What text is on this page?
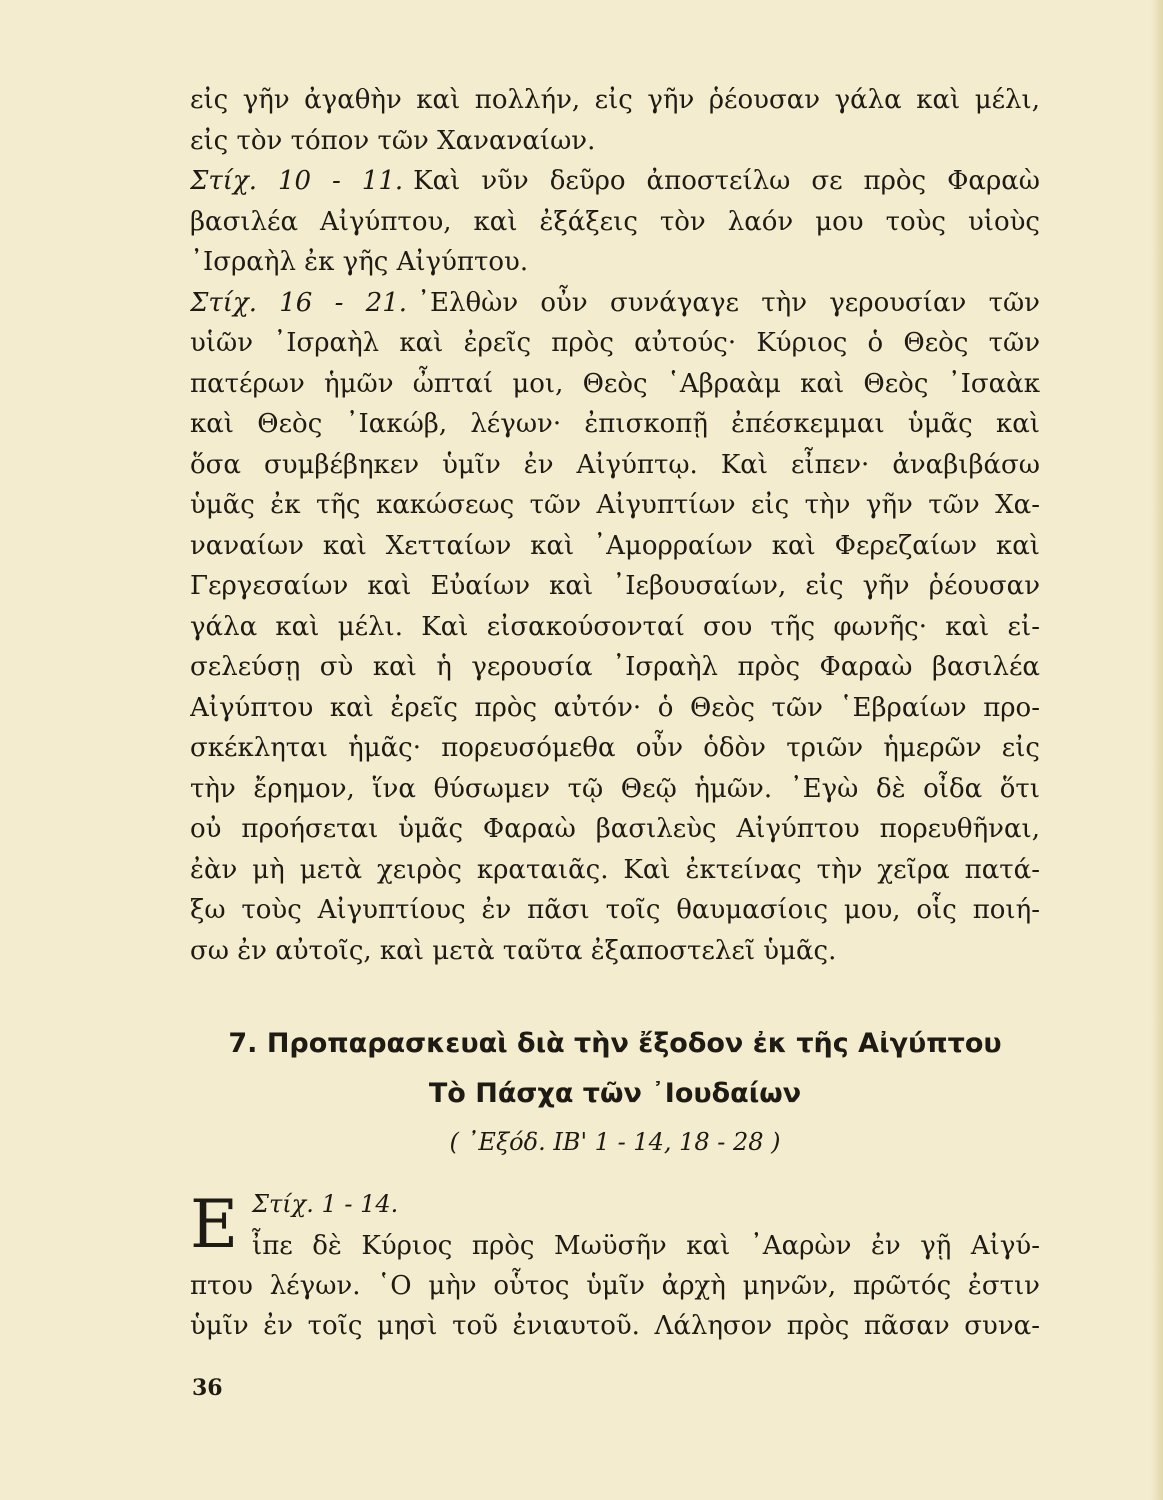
εἰς γῆν ἀγαθὴν καὶ πολλήν, εἰς γῆν ῥέουσαν γάλα καὶ μέλι,
εἰς τὸν τόπον τῶν Χαναναίων.
Στίχ. 10 - 11. Καὶ νῦν δεῦρο ἀποστείλω σε πρὸς Φαραὼ
βασιλέα Αἰγύπτου, καὶ ἐξάξεις τὸν λαόν μου τοὺς υἱοὺς
᾿Ισραὴλ ἐκ γῆς Αἰγύπτου.
Στίχ. 16 - 21. ᾿Ελθὼν οὖν συνάγαγε τὴν γερουσίαν τῶν
υἱῶν ᾿Ισραὴλ καὶ ἐρεῖς πρὸς αὐτούς· Κύριος ὁ Θεὸς τῶν
πατέρων ἡμῶν ὦπταί μοι, Θεὸς ῾Αβραὰμ καὶ Θεὸς ᾿Ισαὰκ
καὶ Θεὸς ᾿Ιακώβ, λέγων· ἐπισκοπῇ ἐπέσκεμμαι ὑμᾶς καὶ
ὅσα συμβέβηκεν ὑμῖν ἐν Αἰγύπτῳ. Καὶ εἶπεν· ἀναβιβάσω
ὑμᾶς ἐκ τῆς κακώσεως τῶν Αἰγυπτίων εἰς τὴν γῆν τῶν Χα-
ναναίων καὶ Χετταίων καὶ ᾿Αμορραίων καὶ Φερεζαίων καὶ
Γεργεσαίων καὶ Εὐαίων καὶ ᾿Ιεβουσαίων, εἰς γῆν ῥέουσαν
γάλα καὶ μέλι. Καὶ εἰσακούσονταί σου τῆς φωνῆς· καὶ εἰ-
σελεύσῃ σὺ καὶ ἡ γερουσία ᾿Ισραὴλ πρὸς Φαραὼ βασιλέα
Αἰγύπτου καὶ ἐρεῖς πρὸς αὐτόν· ὁ Θεὸς τῶν ῾Εβραίων προ-
σκέκληται ἡμᾶς· πορευσόμεθα οὖν ὁδὸν τριῶν ἡμερῶν εἰς
τὴν ἔρημον, ἵνα θύσωμεν τῷ Θεῷ ἡμῶν. ᾿Εγὼ δὲ οἶδα ὅτι
οὐ προήσεται ὑμᾶς Φαραὼ βασιλεὺς Αἰγύπτου πορευθῆναι,
ἐὰν μὴ μετὰ χειρὸς κραταιᾶς. Καὶ ἐκτείνας τὴν χεῖρα πατά-
ξω τοὺς Αἰγυπτίους ἐν πᾶσι τοῖς θαυμασίοις μου, οἷς ποιή-
σω ἐν αὐτοῖς, καὶ μετὰ ταῦτα ἐξαποστελεῖ ὑμᾶς.
7. Προπαρασκευαὶ διὰ τὴν ἔξοδον ἐκ τῆς Αἰγύπτου
Τὸ Πάσχα τῶν ᾿Ιουδαίων
( ᾿Εξόδ. ΙΒ' 1 - 14, 18 - 28 )
Ε Στίχ. 1 - 14.
ἶπε δὲ Κύριος πρὸς Μωϋσῆν καὶ ᾿Ααρὼν ἐν γῇ Αἰγύ-
πτου λέγων. ῾Ο μὴν οὗτος ὑμῖν ἀρχὴ μηνῶν, πρῶτός ἐστιν
ὑμῖν ἐν τοῖς μησὶ τοῦ ἐνιαυτοῦ. Λάλησον πρὸς πᾶσαν συνα-
36
